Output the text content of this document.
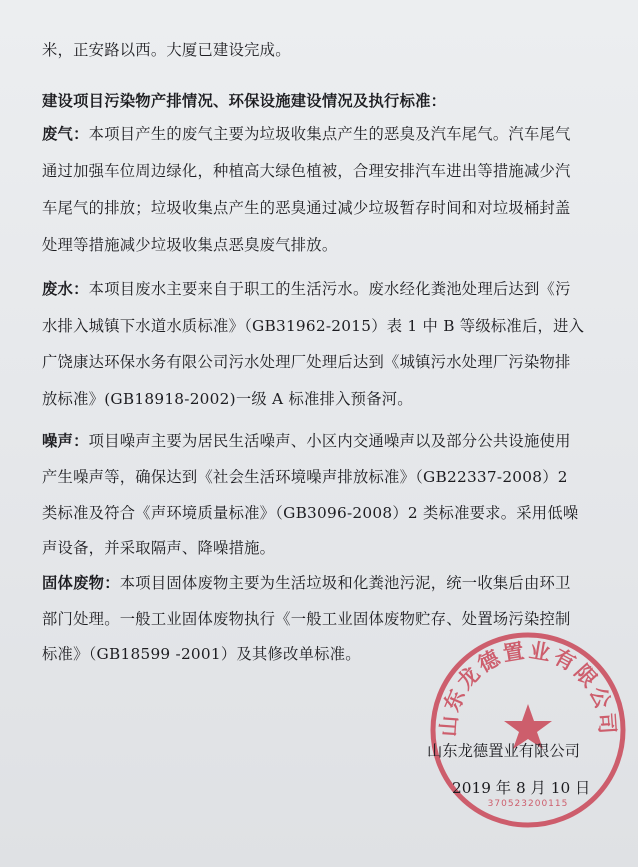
米，正安路以西。大厦已建设完成。
建设项目污染物产排情况、环保设施建设情况及执行标准：
废气：本项目产生的废气主要为垃圾收集点产生的恶臭及汽车尾气。汽车尾气
通过加强车位周边绿化，种植高大绿色植被，合理安排汽车进出等措施减少汽
车尾气的排放；垃圾收集点产生的恶臭通过减少垃圾暂存时间和对垃圾桶封盖
处理等措施减少垃圾收集点恶臭废气排放。
废水：本项目废水主要来自于职工的生活污水。废水经化粪池处理后达到《污
水排入城镇下水道水质标准》（GB31962-2015）表 1 中 B 等级标准后，进入
广饶康达环保水务有限公司污水处理厂处理后达到《城镇污水处理厂污染物排
放标准》(GB18918-2002)一级 A 标准排入预备河。
噪声：项目噪声主要为居民生活噪声、小区内交通噪声以及部分公共设施使用
产生噪声等，确保达到《社会生活环境噪声排放标准》（GB22337-2008）2
类标准及符合《声环境质量标准》（GB3096-2008）2 类标准要求。采用低噪
声设备，并采取隔声、降噪措施。
固体废物：本项目固体废物主要为生活垃圾和化粪池污泥，统一收集后由环卫
部门处理。一般工业固体废物执行《一般工业固体废物贮存、处置场污染控制
标准》（GB18599 -2001）及其修改单标准。
山东龙德置业有限公司
370523200115
山东龙德置业有限公司
2019 年 8 月 10 日
